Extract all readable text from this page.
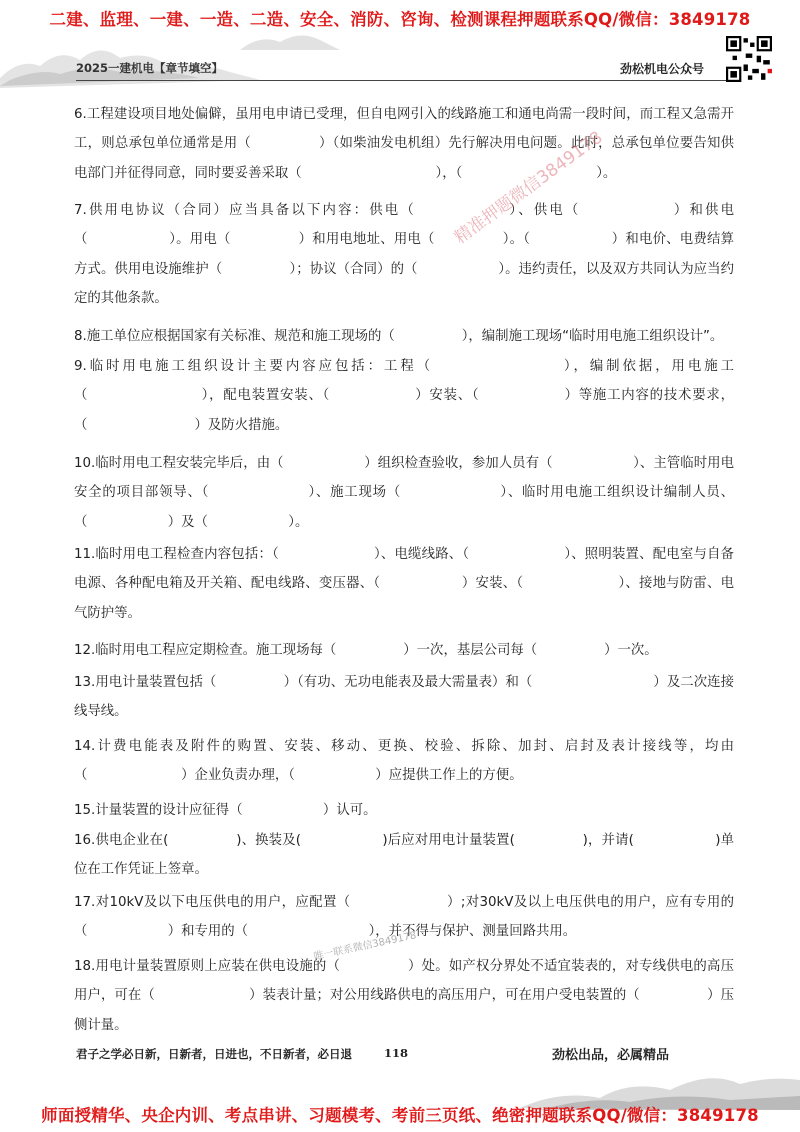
二建、监理、一建、一造、二造、安全、消防、咨询、检测课程押题联系QQ/微信：3849178
2025一建机电【章节填空】	劲松机电公众号
6.工程建设项目地处偏僻，虽用电申请已受理，但自电网引入的线路施工和通电尚需一段时间，而工程又急需开工，则总承包单位通常是用（　　　　　）（如柴油发电机组）先行解决用电问题。此时，总承包单位要告知供电部门并征得同意，同时要妥善采取（　　　　　　　　　　），（　　　　　　　　　　）。
7.供用电协议（合同）应当具备以下内容：供电（　　　　　　）、供电（　　　　　　）和供电（　　　　　　）。用电（　　　　　）和用电地址、用电（　　　　　）。（　　　　　　）和电价、电费结算方式。供用电设施维护（　　　　　）；协议（合同）的（　　　　　　）。违约责任，以及双方共同认为应当约定的其他条款。
8.施工单位应根据国家有关标准、规范和施工现场的（　　　　　），编制施工现场“临时用电施工组织设计”。
9.临时用电施工组织设计主要内容应包括：工程（　　　　　　　　），编制依据，用电施工（　　　　　　　　），配电装置安装、（　　　　　　）安装、（　　　　　　）等施工内容的技术要求，（　　　　　　　　）及防火措施。
10.临时用电工程安装完毕后，由（　　　　　　）组织检查验收，参加人员有（　　　　　　）、主管临时用电安全的项目部领导、（　　　　　　　）、施工现场（　　　　　　　）、临时用电施工组织设计编制人员、（　　　　　　）及（　　　　　　）。
11.临时用电工程检查内容包括：（　　　　　　　）、电缆线路、（　　　　　　　）、照明装置、配电室与自备电源、各种配电箱及开关箱、配电线路、变压器、（　　　　　　）安装、（　　　　　　　）、接地与防雷、电气防护等。
12.临时用电工程应定期检查。施工现场每（　　　　　）一次，基层公司每（　　　　　）一次。
13.用电计量装置包括（　　　　　）（有功、无功电能表及最大需量表）和（　　　　　　　　　）及二次连接线导线。
14.计费电能表及附件的购置、安装、移动、更换、校验、拆除、加封、启封及表计接线等，均由（　　　　　　　）企业负责办理，（　　　　　　）应提供工作上的方便。
15.计量装置的设计应征得（　　　　　　）认可。
16.供电企业在(　　　　　)、换装及(　　　　　　)后应对用电计量装置(　　　　　)，并请(　　　　　　)单位在工作凭证上签章。
17.对10kV及以下电压供电的用户，应配置（　　　　　　　）;对30kV及以上电压供电的用户，应有专用的（　　　　　　）和专用的（　　　　　　　　　），并不得与保护、测量回路共用。
18.用电计量装置原则上应装在供电设施的（　　　　　）处。如产权分界处不适宜装表的，对专线供电的高压用户，可在（　　　　　　　）装表计量；对公用线路供电的高压用户，可在用户受电装置的（　　　　　）压侧计量。
精准押题微信3849178
唯一联系微信3849178
君子之学必日新，日新者，日进也，不日新者，必日退	118	劲松出品，必属精品
师面授精华、央企内训、考点串讲、习题模考、考前三页纸、绝密押题联系QQ/微信：3849178
